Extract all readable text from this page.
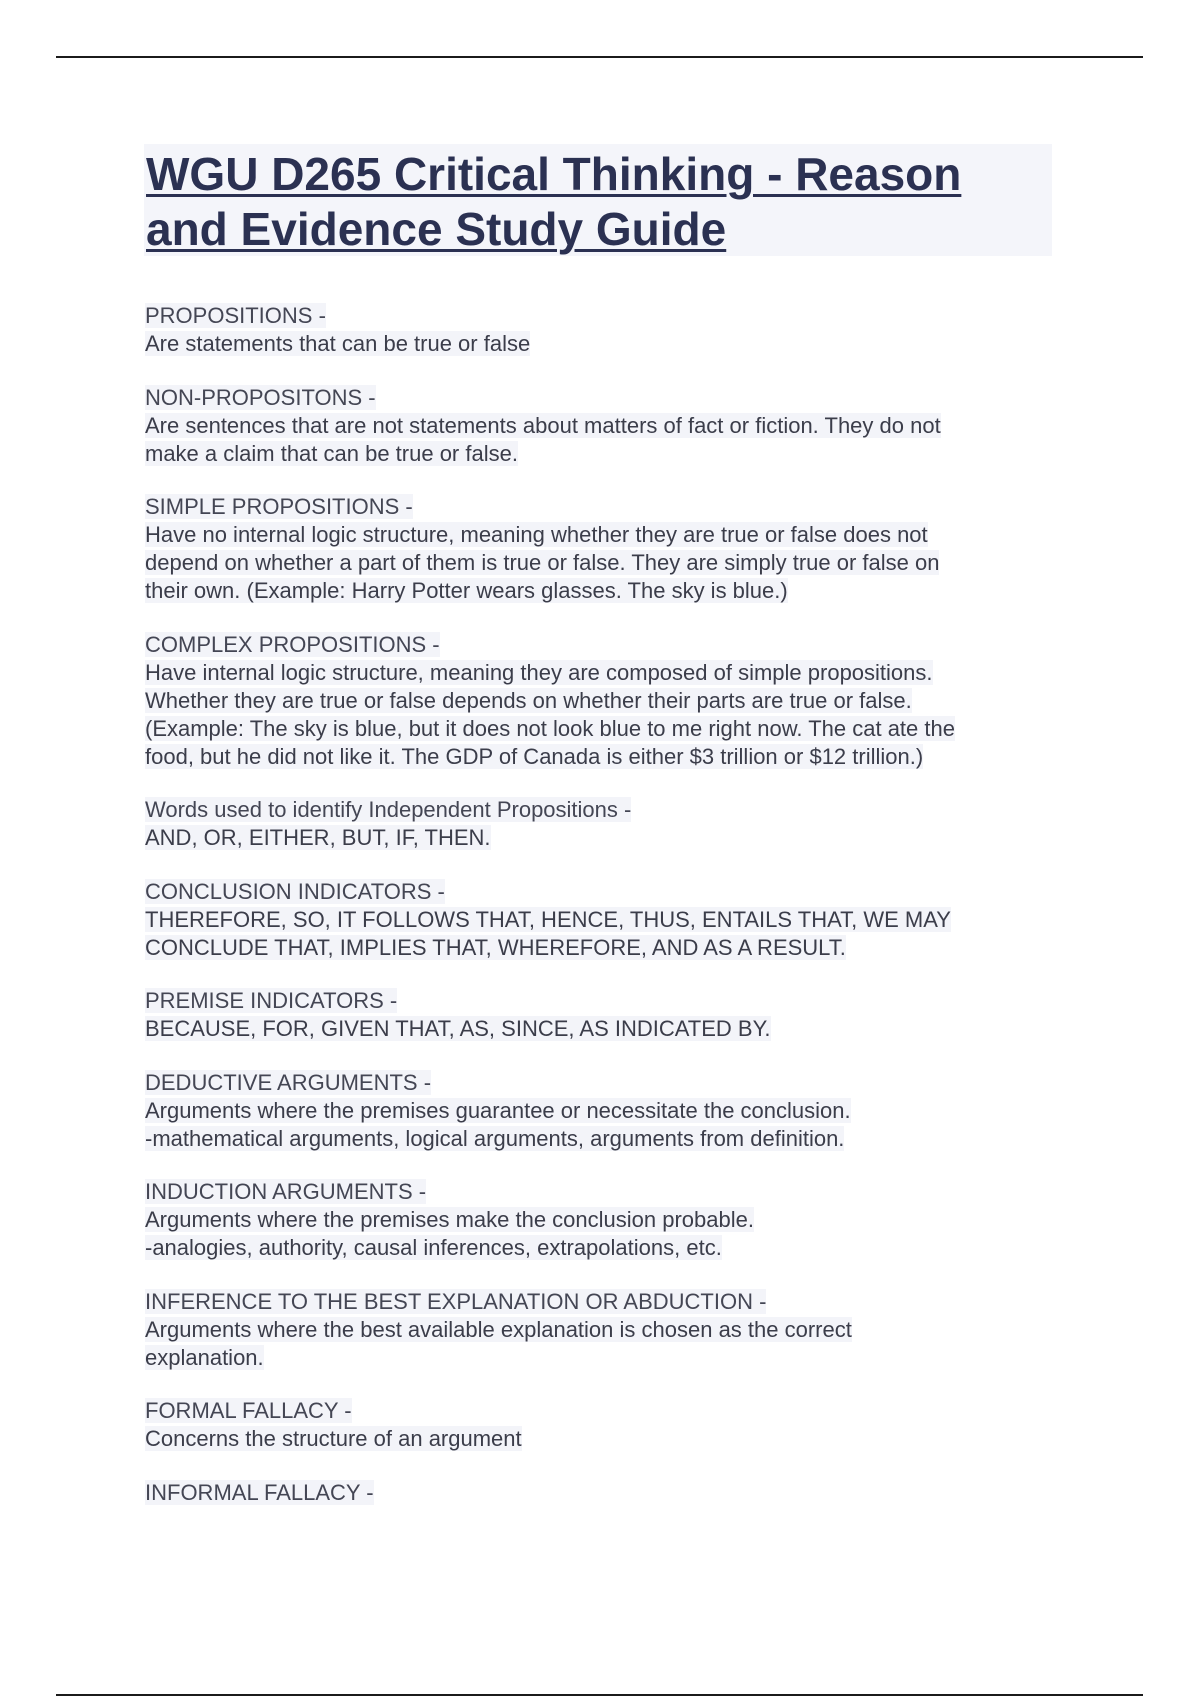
WGU D265 Critical Thinking - Reason
and Evidence Study Guide
PROPOSITIONS -
Are statements that can be true or false
NON-PROPOSITONS -
Are sentences that are not statements about matters of fact or fiction. They do not
make a claim that can be true or false.
SIMPLE PROPOSITIONS -
Have no internal logic structure, meaning whether they are true or false does not
depend on whether a part of them is true or false. They are simply true or false on
their own. (Example: Harry Potter wears glasses. The sky is blue.)
COMPLEX PROPOSITIONS -
Have internal logic structure, meaning they are composed of simple propositions.
Whether they are true or false depends on whether their parts are true or false.
(Example: The sky is blue, but it does not look blue to me right now. The cat ate the
food, but he did not like it. The GDP of Canada is either $3 trillion or $12 trillion.)
Words used to identify Independent Propositions -
AND, OR, EITHER, BUT, IF, THEN.
CONCLUSION INDICATORS -
THEREFORE, SO, IT FOLLOWS THAT, HENCE, THUS, ENTAILS THAT, WE MAY
CONCLUDE THAT, IMPLIES THAT, WHEREFORE, AND AS A RESULT.
PREMISE INDICATORS -
BECAUSE, FOR, GIVEN THAT, AS, SINCE, AS INDICATED BY.
DEDUCTIVE ARGUMENTS -
Arguments where the premises guarantee or necessitate the conclusion.
-mathematical arguments, logical arguments, arguments from definition.
INDUCTION ARGUMENTS -
Arguments where the premises make the conclusion probable.
-analogies, authority, causal inferences, extrapolations, etc.
INFERENCE TO THE BEST EXPLANATION OR ABDUCTION -
Arguments where the best available explanation is chosen as the correct
explanation.
FORMAL FALLACY -
Concerns the structure of an argument
INFORMAL FALLACY -
